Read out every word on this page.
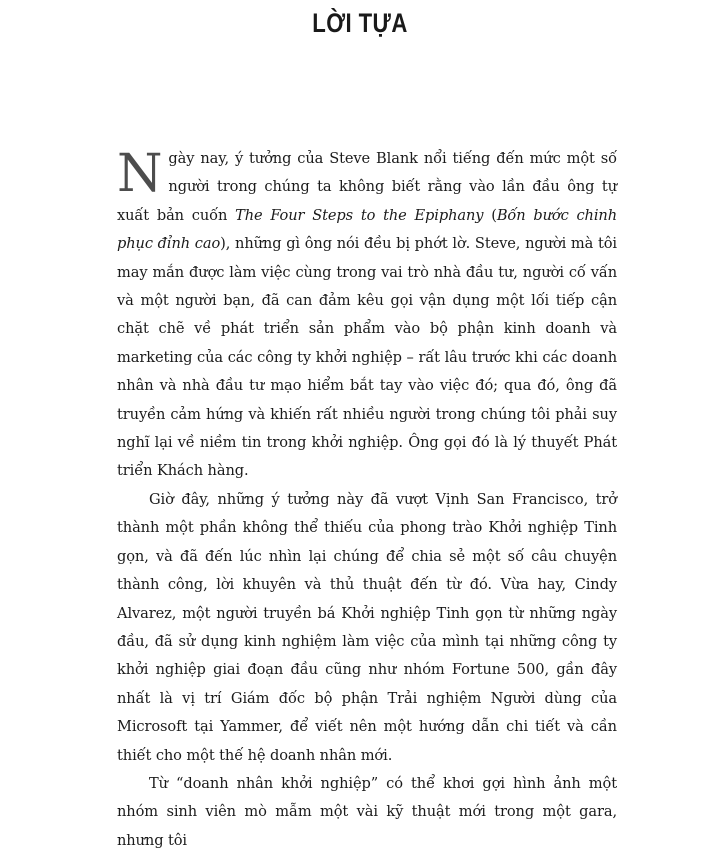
LỜI TỰA

Ngày nay, ý tưởng của Steve Blank nổi tiếng đến mức một số người trong chúng ta không biết rằng vào lần đầu ông tự xuất bản cuốn The Four Steps to the Epiphany (Bốn bước chinh phục đỉnh cao), những gì ông nói đều bị phớt lờ. Steve, người mà tôi may mắn được làm việc cùng trong vai trò nhà đầu tư, người cố vấn và một người bạn, đã can đảm kêu gọi vận dụng một lối tiếp cận chặt chẽ về phát triển sản phẩm vào bộ phận kinh doanh và marketing của các công ty khởi nghiệp – rất lâu trước khi các doanh nhân và nhà đầu tư mạo hiểm bắt tay vào việc đó; qua đó, ông đã truyền cảm hứng và khiến rất nhiều người trong chúng tôi phải suy nghĩ lại về niềm tin trong khởi nghiệp. Ông gọi đó là lý thuyết Phát triển Khách hàng.

Giờ đây, những ý tưởng này đã vượt Vịnh San Francisco, trở thành một phần không thể thiếu của phong trào Khởi nghiệp Tinh gọn, và đã đến lúc nhìn lại chúng để chia sẻ một số câu chuyện thành công, lời khuyên và thủ thuật đến từ đó. Vừa hay, Cindy Alvarez, một người truyền bá Khởi nghiệp Tinh gọn từ những ngày đầu, đã sử dụng kinh nghiệm làm việc của mình tại những công ty khởi nghiệp giai đoạn đầu cũng như nhóm Fortune 500, gần đây nhất là vị trí Giám đốc bộ phận Trải nghiệm Người dùng của Microsoft tại Yammer, để viết nên một hướng dẫn chi tiết và cần thiết cho một thế hệ doanh nhân mới.

Từ “doanh nhân khởi nghiệp” có thể khơi gợi hình ảnh một nhóm sinh viên mò mẫm một vài kỹ thuật mới trong một gara, nhưng tôi
